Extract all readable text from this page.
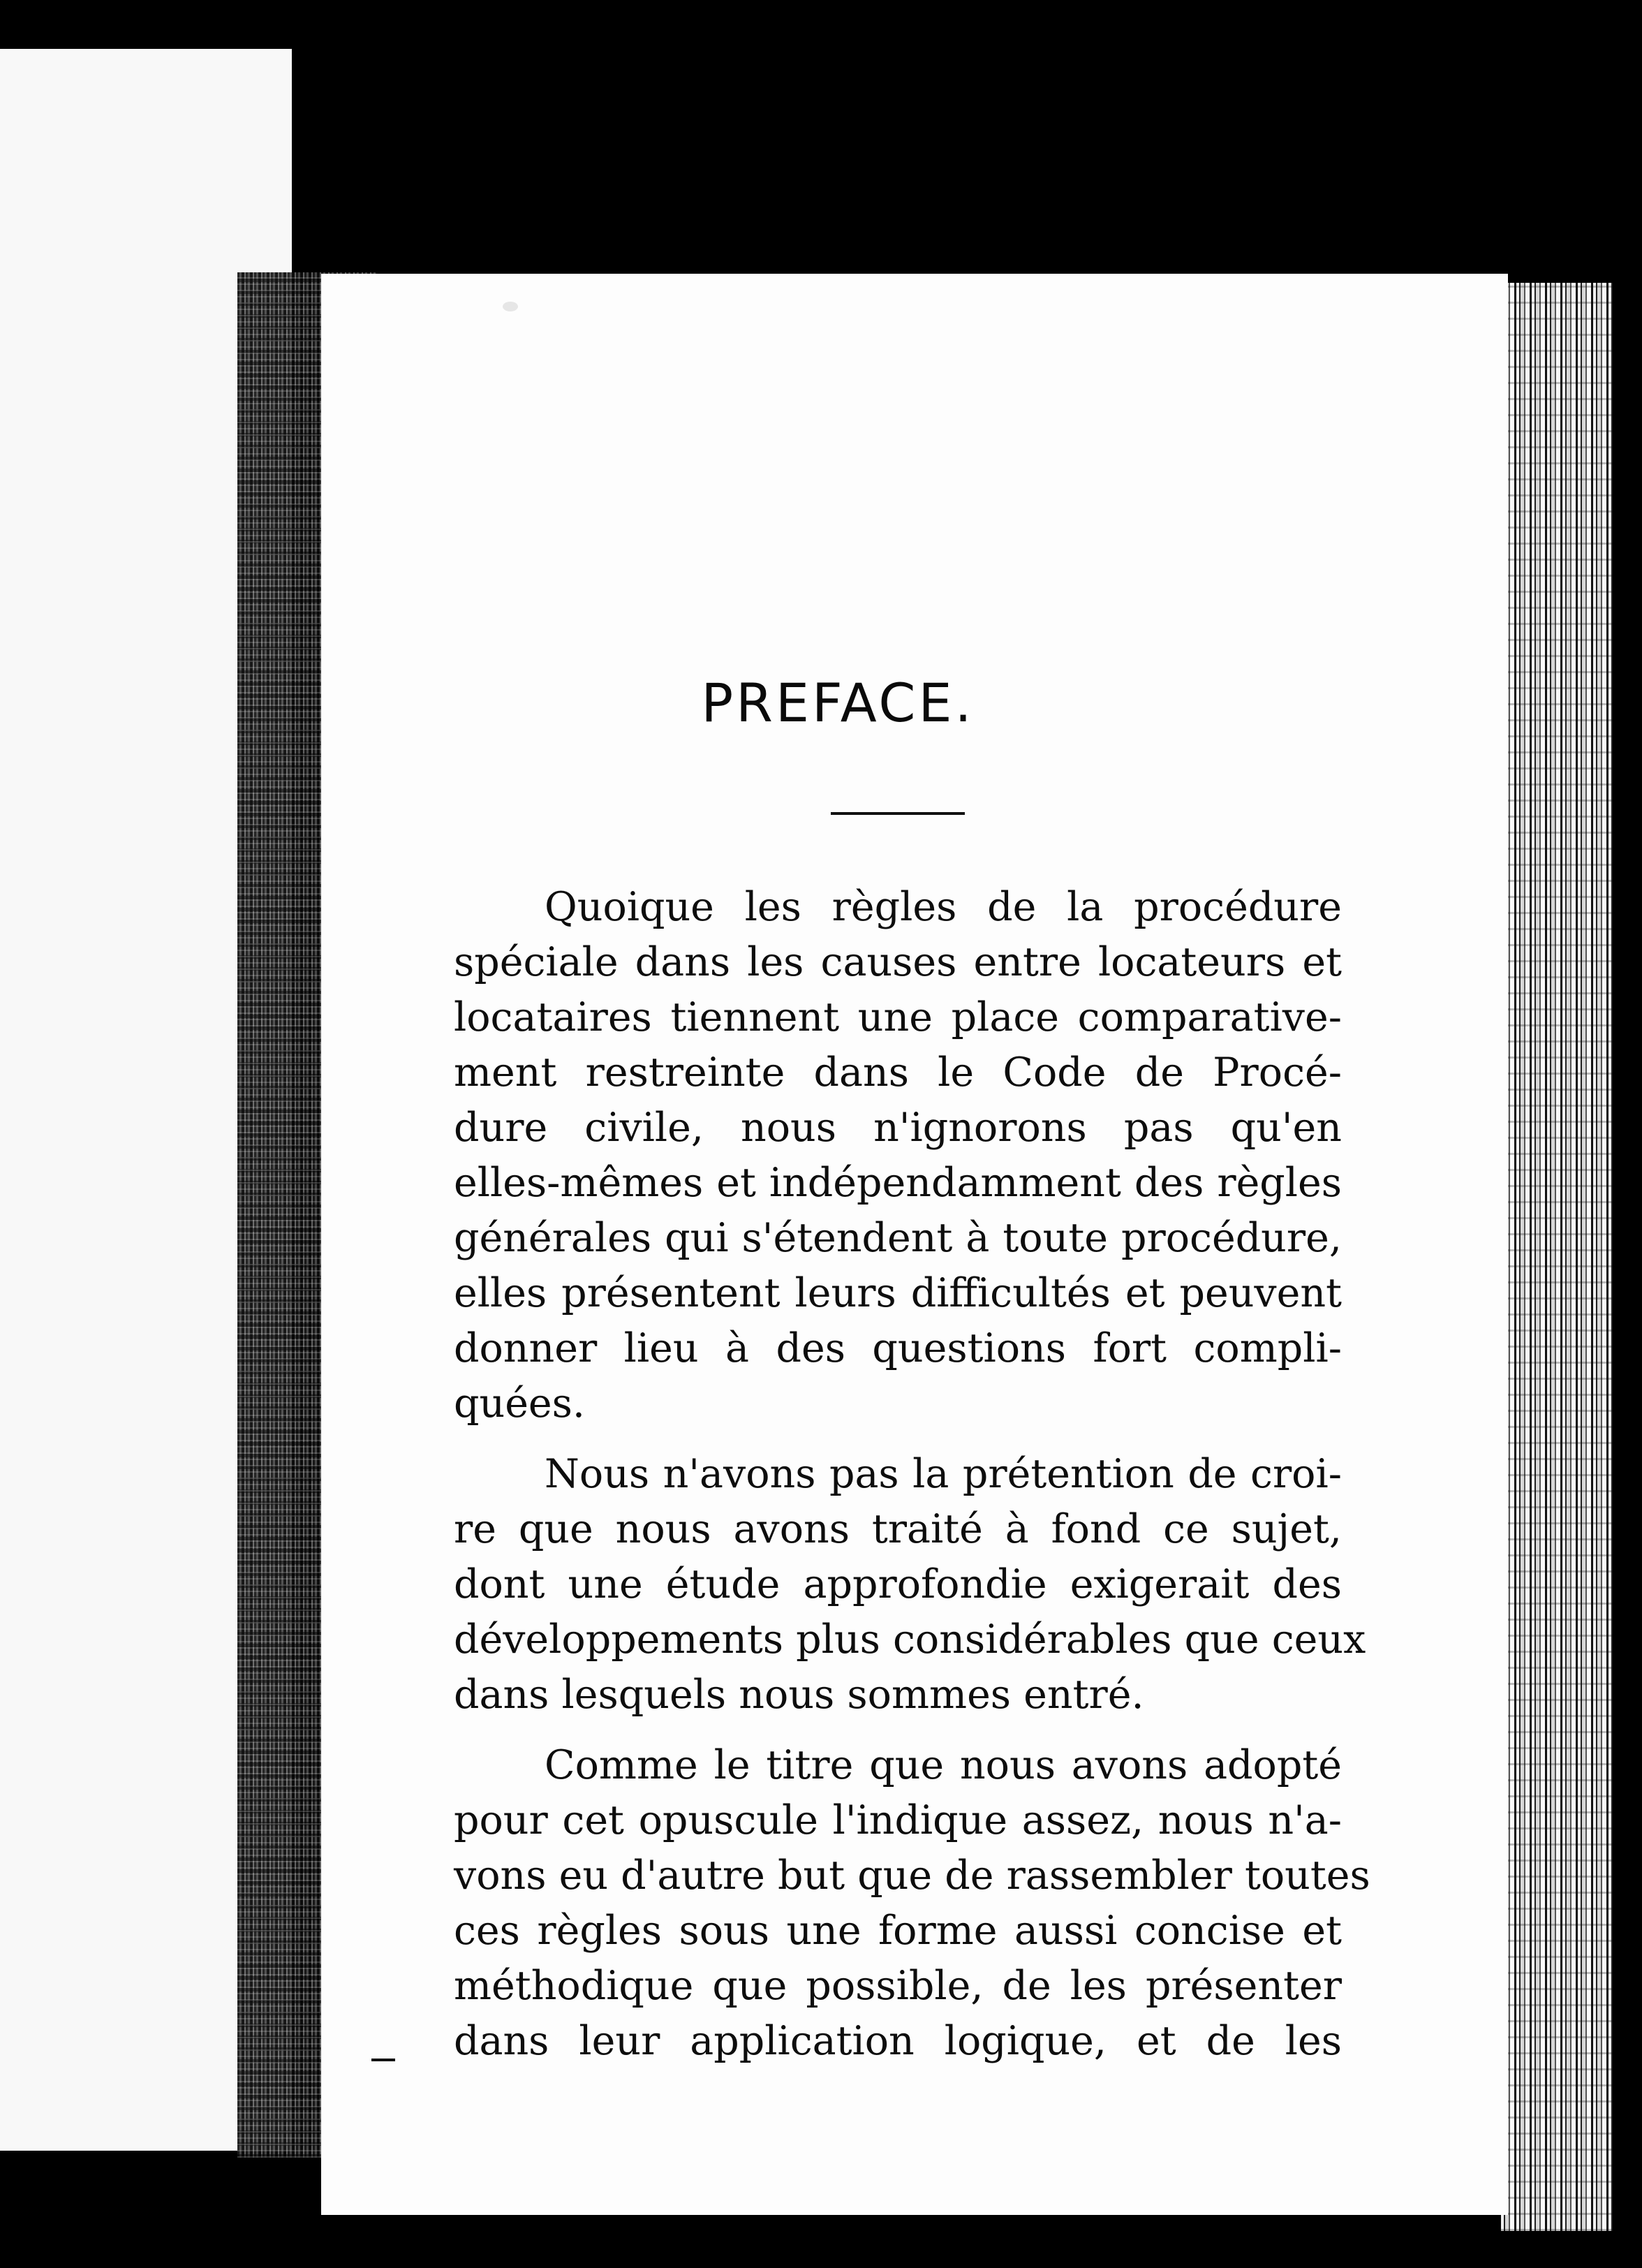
PREFACE.

Quoique les règles de la procédure
spéciale dans les causes entre locateurs et
locataires tiennent une place comparative-
ment restreinte dans le Code de Procé-
dure civile, nous n'ignorons pas qu'en
elles-mêmes et indépendamment des règles
générales qui s'étendent à toute procédure,
elles présentent leurs difficultés et peuvent
donner lieu à des questions fort compli-
quées.

Nous n'avons pas la prétention de croi-
re que nous avons traité à fond ce sujet,
dont une étude approfondie exigerait des
développements plus considérables que ceux
dans lesquels nous sommes entré.

Comme le titre que nous avons adopté
pour cet opuscule l'indique assez, nous n'a-
vons eu d'autre but que de rassembler toutes
ces règles sous une forme aussi concise et
méthodique que possible, de les présenter
dans leur application logique, et de les
